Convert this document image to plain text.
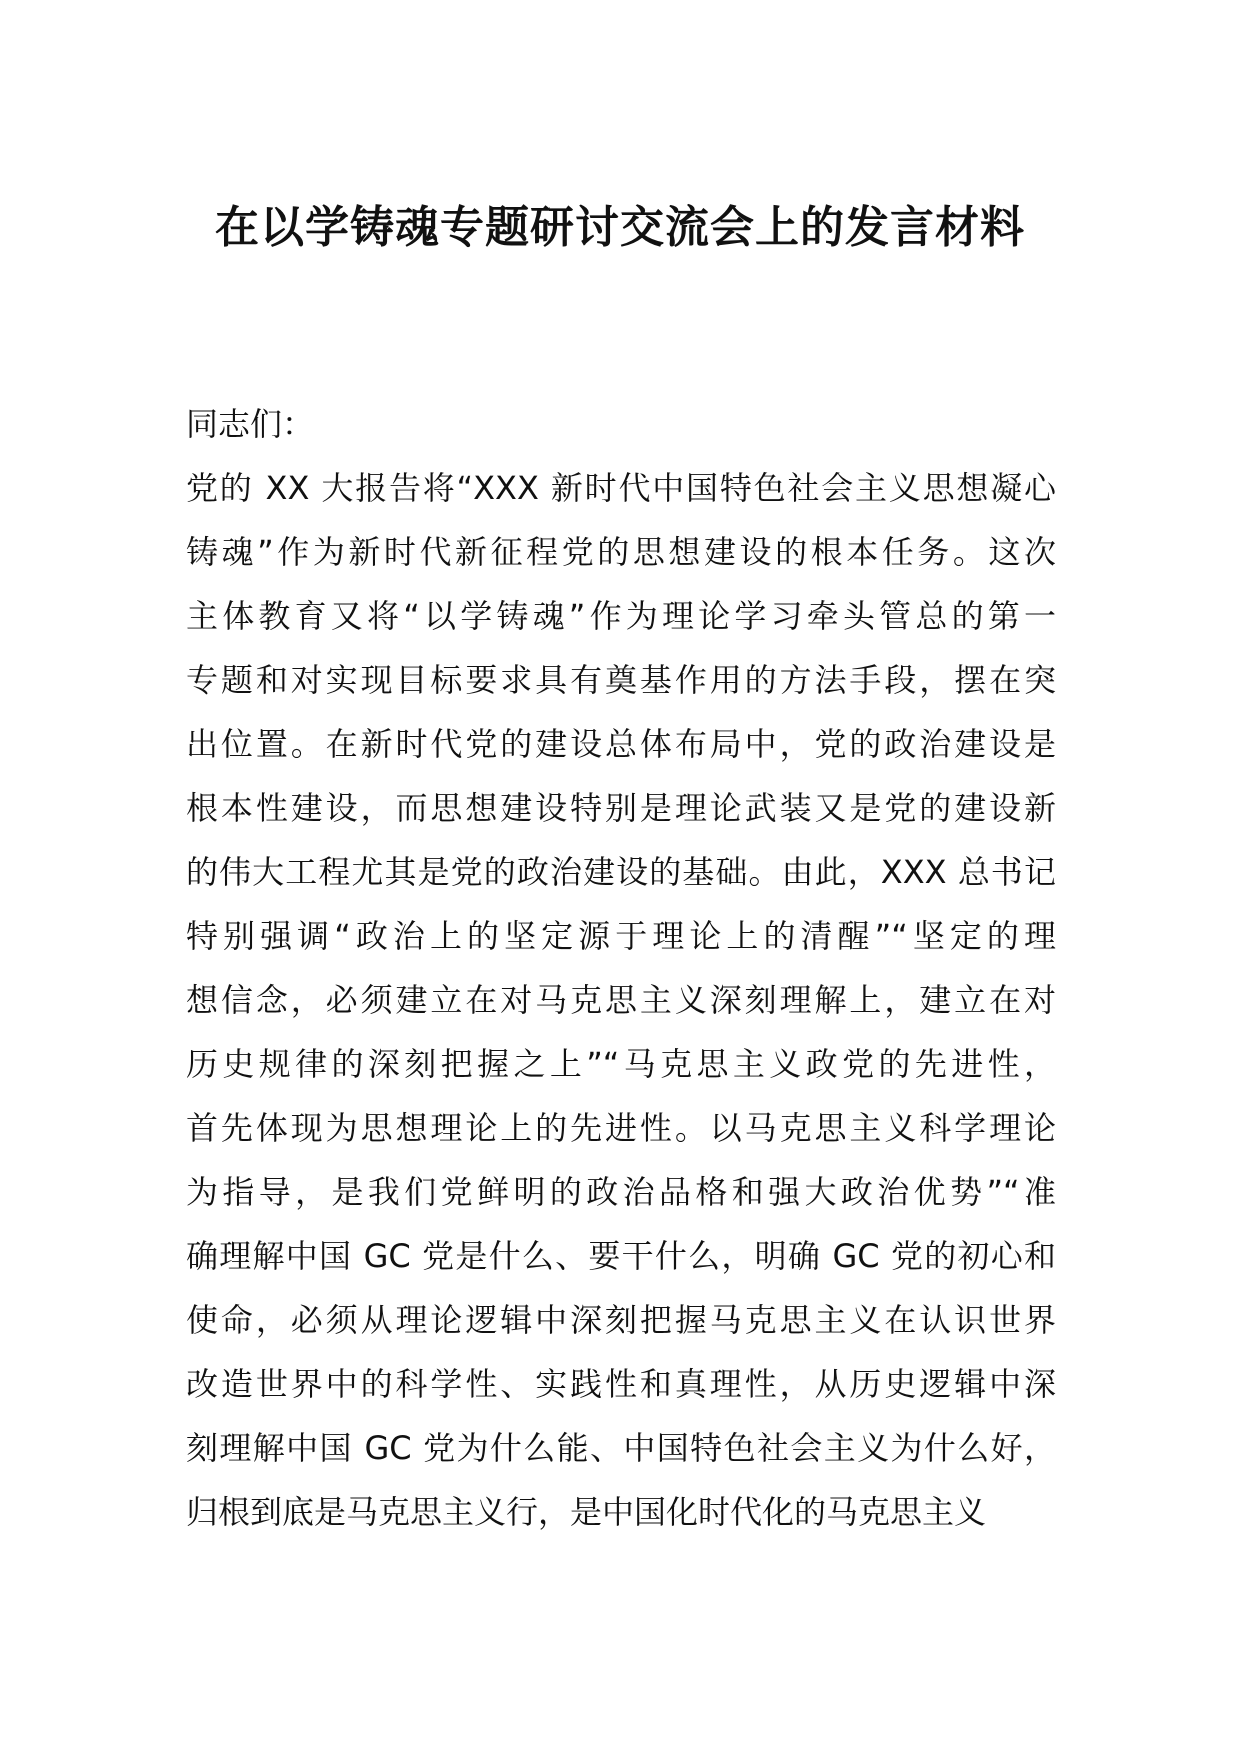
在以学铸魂专题研讨交流会上的发言材料

同志们：

党的 XX 大报告将“XXX 新时代中国特色社会主义思想凝心

铸魂”作为新时代新征程党的思想建设的根本任务。这次

主体教育又将“以学铸魂”作为理论学习牵头管总的第一

专题和对实现目标要求具有奠基作用的方法手段，摆在突

出位置。在新时代党的建设总体布局中，党的政治建设是

根本性建设，而思想建设特别是理论武装又是党的建设新

的伟大工程尤其是党的政治建设的基础。由此，XXX 总书记

特别强调“政治上的坚定源于理论上的清醒”“坚定的理

想信念，必须建立在对马克思主义深刻理解上，建立在对

历史规律的深刻把握之上”“马克思主义政党的先进性，

首先体现为思想理论上的先进性。以马克思主义科学理论

为指导，是我们党鲜明的政治品格和强大政治优势”“准

确理解中国 GC 党是什么、要干什么，明确 GC 党的初心和

使命，必须从理论逻辑中深刻把握马克思主义在认识世界

改造世界中的科学性、实践性和真理性，从历史逻辑中深

刻理解中国 GC 党为什么能、中国特色社会主义为什么好，

归根到底是马克思主义行，是中国化时代化的马克思主义
